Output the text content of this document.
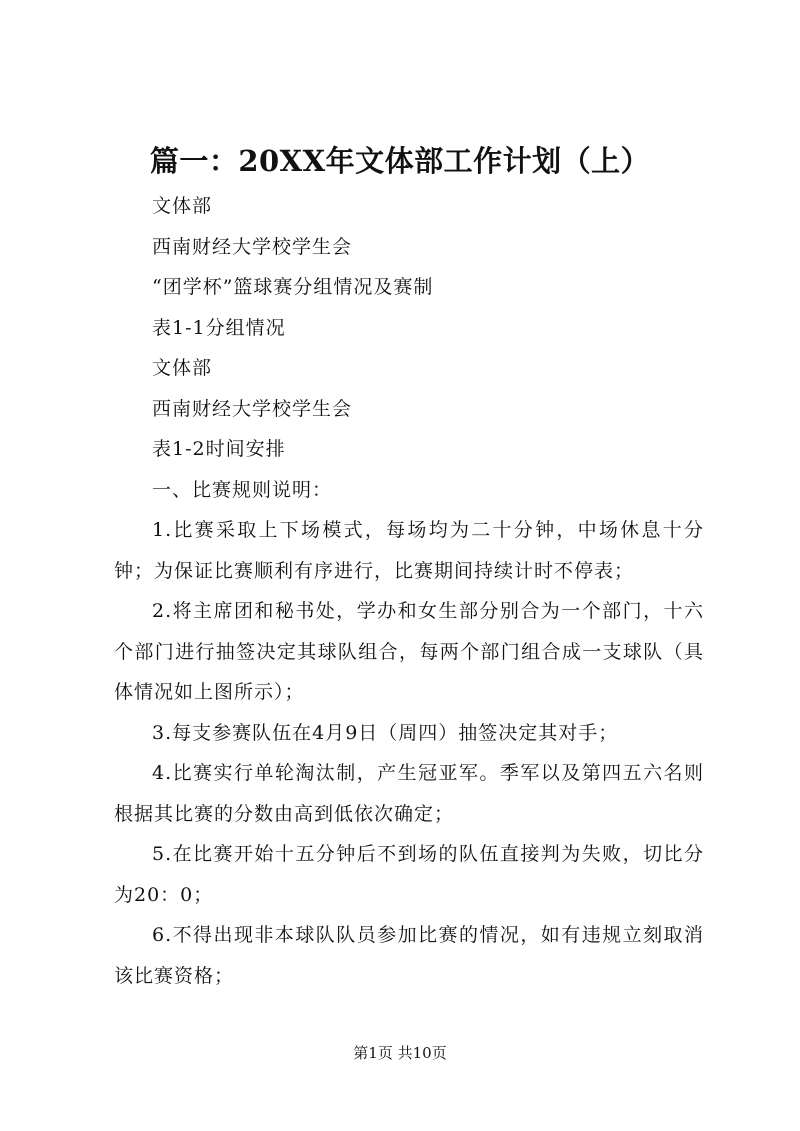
篇一：20XX年文体部工作计划（上）

文体部

西南财经大学校学生会

“团学杯”篮球赛分组情况及赛制

表1-1分组情况

文体部

西南财经大学校学生会

表1-2时间安排

一、比赛规则说明：

1.比赛采取上下场模式，每场均为二十分钟，中场休息十分钟；为保证比赛顺利有序进行，比赛期间持续计时不停表；

2.将主席团和秘书处，学办和女生部分别合为一个部门，十六个部门进行抽签决定其球队组合，每两个部门组合成一支球队（具体情况如上图所示）；

3.每支参赛队伍在4月9日（周四）抽签决定其对手；

4.比赛实行单轮淘汰制，产生冠亚军。季军以及第四五六名则根据其比赛的分数由高到低依次确定；

5.在比赛开始十五分钟后不到场的队伍直接判为失败，切比分为20：0；

6.不得出现非本球队队员参加比赛的情况，如有违规立刻取消该比赛资格；

第1页 共10页
